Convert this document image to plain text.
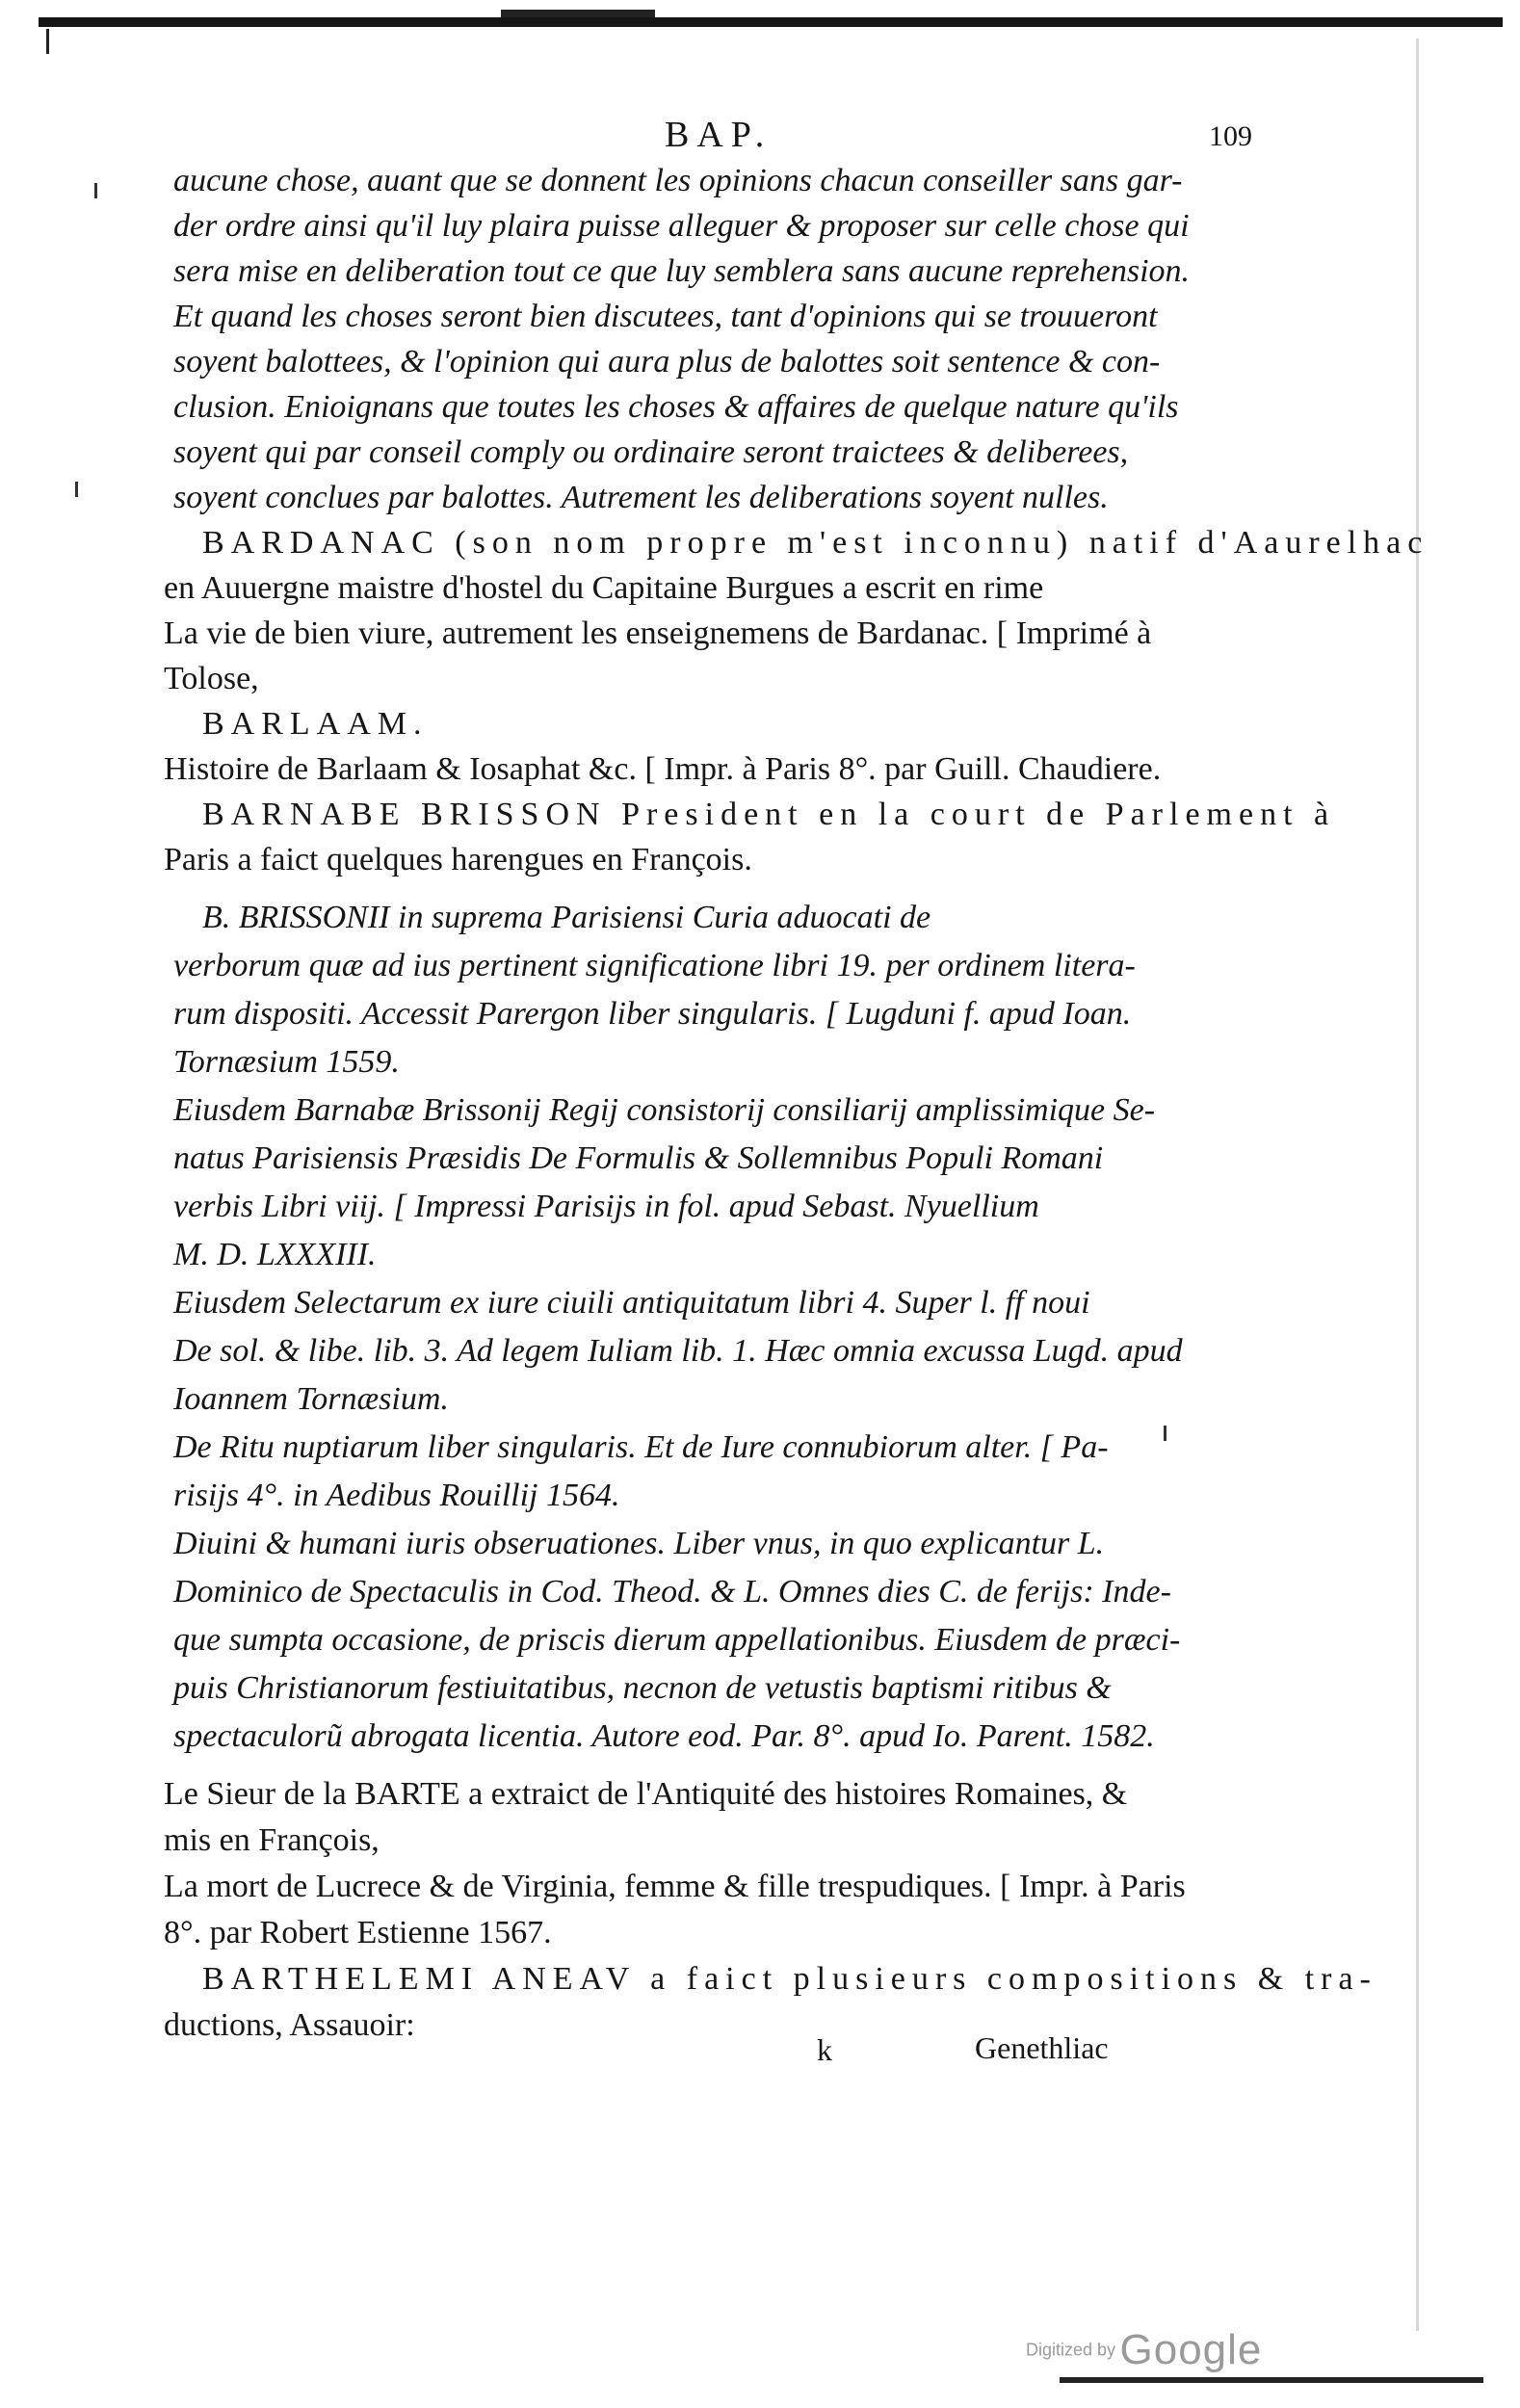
BAP.	109
aucune chose, auant que se donnent les opinions chacun conseiller sans gar-
der ordre ainsi qu'il luy plaira puisse alleguer & proposer sur celle chose qui
sera mise en deliberation tout ce que luy semblera sans aucune reprehension.
Et quand les choses seront bien discutees, tant d'opinions qui se trouueront
soyent balottees, & l'opinion qui aura plus de balottes soit sentence & con-
clusion. Enioignans que toutes les choses & affaires de quelque nature qu'ils
soyent qui par conseil comply ou ordinaire seront traictees & deliberees,
soyent conclues par balottes. Autrement les deliberations soyent nulles.
BARDANAC (son nom propre m'est inconnu) natif d'Aaurelhac
en Auuergne maistre d'hostel du Capitaine Burgues a escrit en rime
La vie de bien viure, autrement les enseignemens de Bardanac. [ Imprimé à
Tolose,
BARLAAM.
Histoire de Barlaam & Iosaphat &c. [ Impr. à Paris 8°. par Guill. Chaudiere.
BARNABE BRISSON President en la court de Parlement à
Paris a faict quelques harengues en François.
B. BRISSONII in suprema Parisiensi Curia aduocati de
verborum quæ ad ius pertinent significatione libri 19. per ordinem litera-
rum dispositi. Accessit Parergon liber singularis. [ Lugduni f. apud Ioan.
Tornæsium 1559.
Eiusdem Barnabæ Brissonij Regij consistorij consiliarij amplissimique Se-
natus Parisiensis Præsidis De Formulis & Sollemnibus Populi Romani
verbis Libri viij. [ Impressi Parisijs in fol. apud Sebast. Nyuellium
M. D. LXXXIII.
Eiusdem Selectarum ex iure ciuili antiquitatum libri 4. Super l. ff noui
De sol. & libe. lib. 3. Ad legem Iuliam lib. 1. Hæc omnia excussa Lugd. apud
Ioannem Tornæsium.
De Ritu nuptiarum liber singularis. Et de Iure connubiorum alter. [ Pa-
risijs 4°. in Aedibus Rouillij 1564.
Diuini & humani iuris obseruationes. Liber vnus, in quo explicantur L.
Dominico de Spectaculis in Cod. Theod. & L. Omnes dies C. de ferijs: Inde-
que sumpta occasione, de priscis dierum appellationibus. Eiusdem de præci-
puis Christianorum festiuitatibus, necnon de vetustis baptismi ritibus &
spectaculorũ abrogata licentia. Autore eod. Par. 8°. apud Io. Parent. 1582.
Le Sieur de la BARTE a extraict de l'Antiquité des histoires Romaines, &
mis en François,
La mort de Lucrece & de Virginia, femme & fille trespudiques. [ Impr. à Paris
8°. par Robert Estienne 1567.
BARTHELEMI ANEAV a faict plusieurs compositions & tra-
ductions, Assauoir:
k	Genethliac
Digitized by Google
